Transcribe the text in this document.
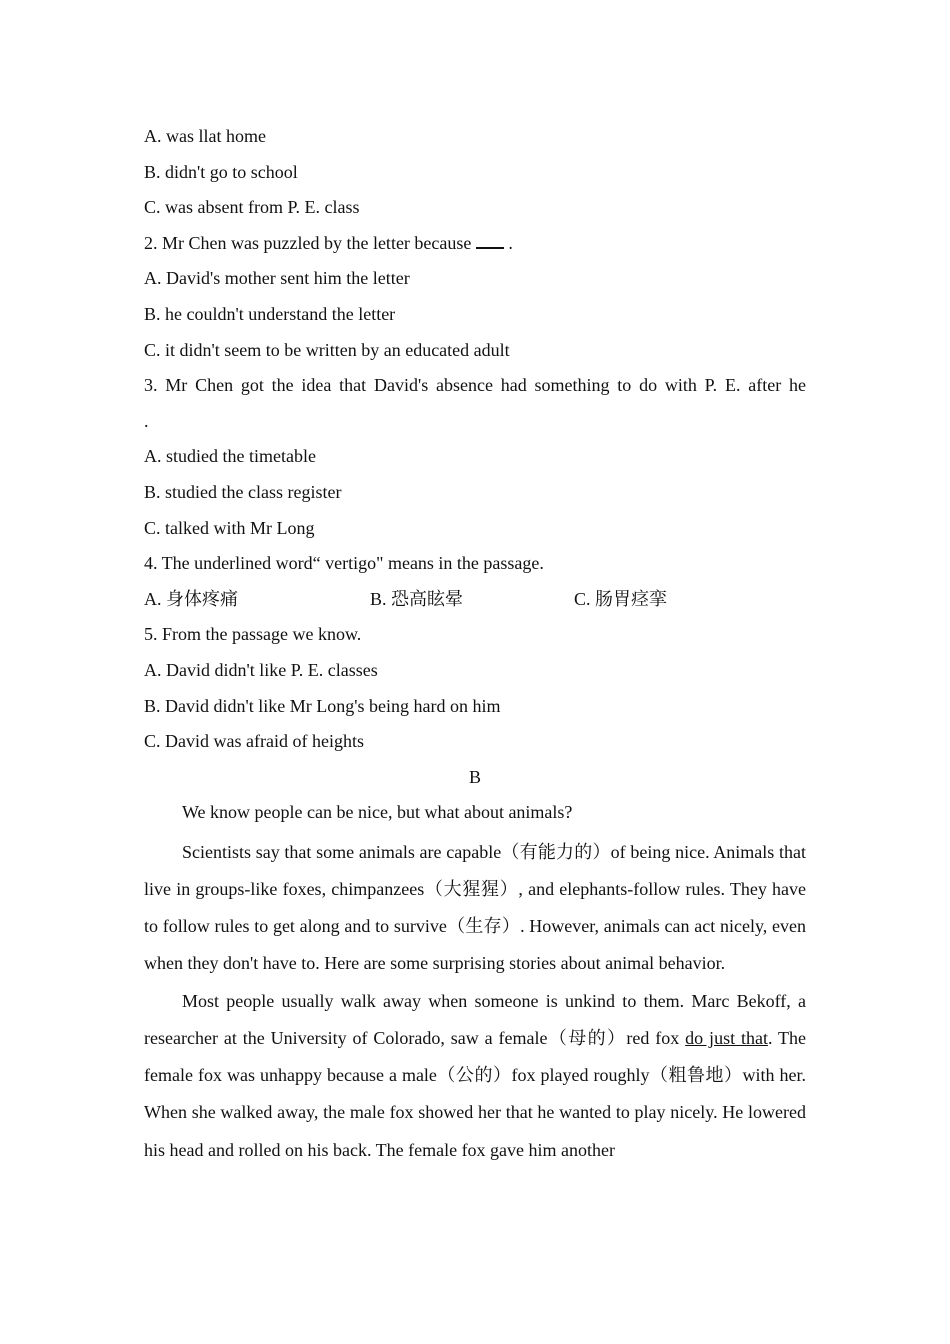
A. was llat home
B. didn't go to school
C. was absent from P. E. class
2. Mr Chen was puzzled by the letter because .
A. David's mother sent him the letter
B. he couldn't understand the letter
C. it didn't seem to be written by an educated adult
3. Mr Chen got the idea that David's absence had something to do with P. E. after he
.
A. studied the timetable
B. studied the class register
C. talked with Mr Long
4. The underlined word“ vertigo" means in the passage.
A. 身体疼痛	B. 恐高眩晕	C. 肠胃痉挛
5. From the passage we know.
A. David didn't like P. E. classes
B. David didn't like Mr Long's being hard on him
C. David was afraid of heights
B
We know people can be nice, but what about animals?

Scientists say that some animals are capable（有能力的）of being nice. Animals that live in groups-like foxes, chimpanzees（大猩猩）, and elephants-follow rules. They have to follow rules to get along and to survive（生存）. However, animals can act nicely, even when they don't have to. Here are some surprising stories about animal behavior.

Most people usually walk away when someone is unkind to them. Marc Bekoff, a researcher at the University of Colorado, saw a female（母的）red fox do just that. The female fox was unhappy because a male（公的）fox played roughly（粗鲁地）with her. When she walked away, the male fox showed her that he wanted to play nicely. He lowered his head and rolled on his back. The female fox gave him another
